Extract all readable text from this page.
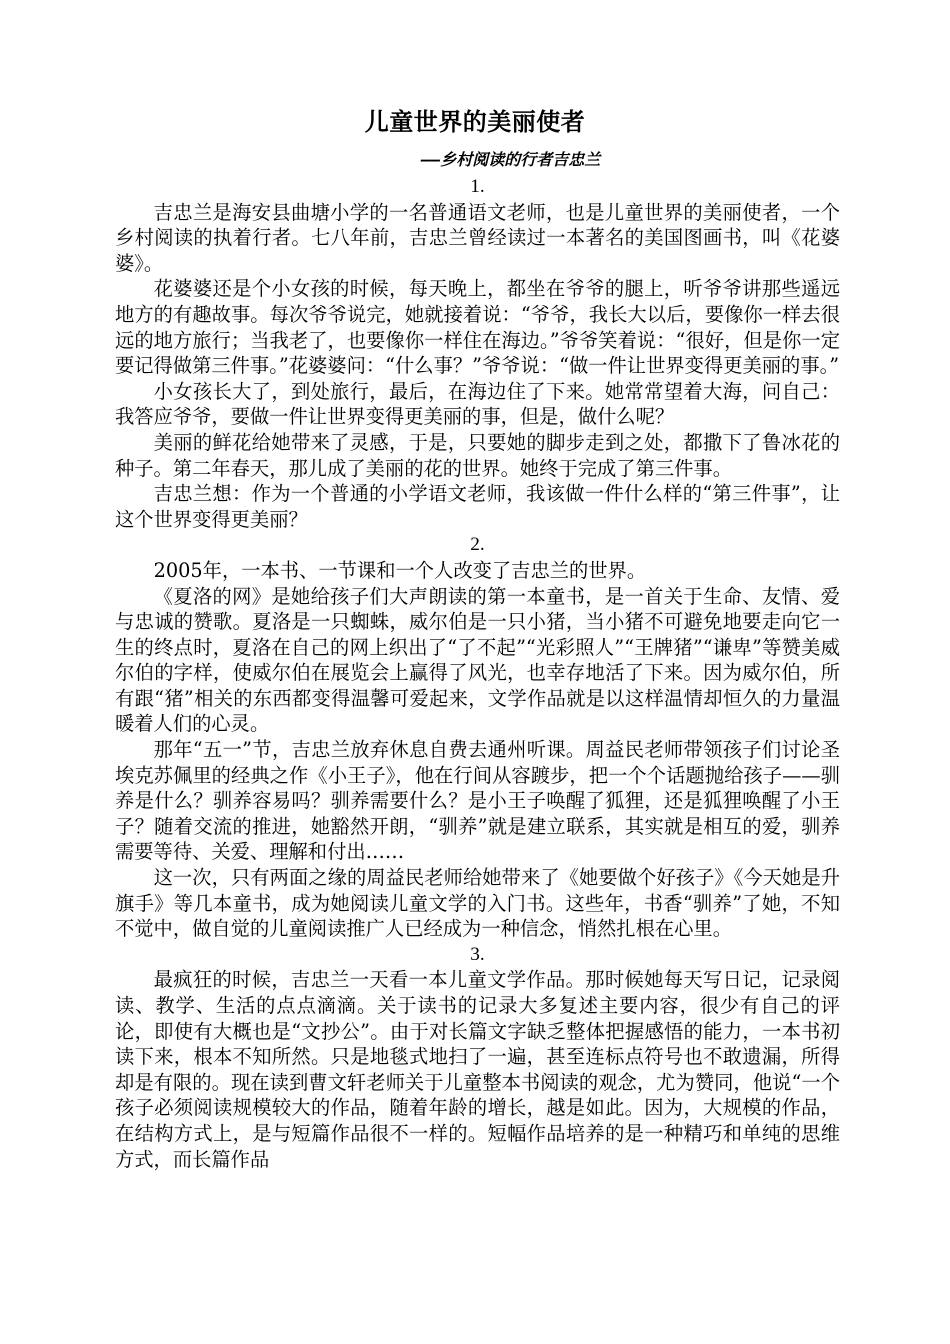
儿童世界的美丽使者
——乡村阅读的行者吉忠兰

1.

吉忠兰是海安县曲塘小学的一名普通语文老师，也是儿童世界的美丽使者，一个乡村阅读的执着行者。七八年前，吉忠兰曾经读过一本著名的美国图画书，叫《花婆婆》。

花婆婆还是个小女孩的时候，每天晚上，都坐在爷爷的腿上，听爷爷讲那些遥远地方的有趣故事。每次爷爷说完，她就接着说：“爷爷，我长大以后，要像你一样去很远的地方旅行；当我老了，也要像你一样住在海边。”爷爷笑着说：“很好，但是你一定要记得做第三件事。”花婆婆问：“什么事？”爷爷说：“做一件让世界变得更美丽的事。”

小女孩长大了，到处旅行，最后，在海边住了下来。她常常望着大海，问自己：我答应爷爷，要做一件让世界变得更美丽的事，但是，做什么呢？

美丽的鲜花给她带来了灵感，于是，只要她的脚步走到之处，都撒下了鲁冰花的种子。第二年春天，那儿成了美丽的花的世界。她终于完成了第三件事。

吉忠兰想：作为一个普通的小学语文老师，我该做一件什么样的“第三件事”，让这个世界变得更美丽？

2.

2005年，一本书、一节课和一个人改变了吉忠兰的世界。

《夏洛的网》是她给孩子们大声朗读的第一本童书，是一首关于生命、友情、爱与忠诚的赞歌。夏洛是一只蜘蛛，威尔伯是一只小猪，当小猪不可避免地要走向它一生的终点时，夏洛在自己的网上织出了“了不起”“光彩照人”“王牌猪”“谦卑”等赞美威尔伯的字样，使威尔伯在展览会上赢得了风光，也幸存地活了下来。因为威尔伯，所有跟“猪”相关的东西都变得温馨可爱起来，文学作品就是以这样温情却恒久的力量温暖着人们的心灵。

那年“五一”节，吉忠兰放弃休息自费去通州听课。周益民老师带领孩子们讨论圣埃克苏佩里的经典之作《小王子》，他在行间从容踱步，把一个个话题抛给孩子——驯养是什么？驯养容易吗？驯养需要什么？是小王子唤醒了狐狸，还是狐狸唤醒了小王子？随着交流的推进，她豁然开朗，“驯养”就是建立联系，其实就是相互的爱，驯养需要等待、关爱、理解和付出……

这一次，只有两面之缘的周益民老师给她带来了《她要做个好孩子》《今天她是升旗手》等几本童书，成为她阅读儿童文学的入门书。这些年，书香“驯养”了她，不知不觉中，做自觉的儿童阅读推广人已经成为一种信念，悄然扎根在心里。

3.

最疯狂的时候，吉忠兰一天看一本儿童文学作品。那时候她每天写日记，记录阅读、教学、生活的点点滴滴。关于读书的记录大多复述主要内容，很少有自己的评论，即使有大概也是“文抄公”。由于对长篇文字缺乏整体把握感悟的能力，一本书初读下来，根本不知所然。只是地毯式地扫了一遍，甚至连标点符号也不敢遗漏，所得却是有限的。现在读到曹文轩老师关于儿童整本书阅读的观念，尤为赞同，他说“一个孩子必须阅读规模较大的作品，随着年龄的增长，越是如此。因为，大规模的作品，在结构方式上，是与短篇作品很不一样的。短幅作品培养的是一种精巧和单纯的思维方式，而长篇作品
